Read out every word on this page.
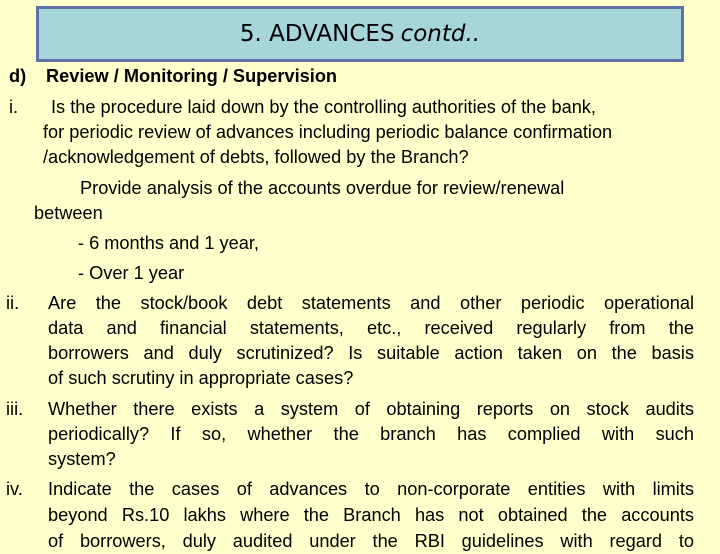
5. ADVANCES contd..
d) Review / Monitoring / Supervision
i. Is the procedure laid down by the controlling authorities of the bank,
for periodic review of advances including periodic balance confirmation
/acknowledgement of debts, followed by the Branch?
Provide analysis of the accounts overdue for review/renewal
between
- 6 months and 1 year,
- Over 1 year
ii. Are the stock/book debt statements and other periodic operational
data and financial statements, etc., received regularly from the
borrowers and duly scrutinized? Is suitable action taken on the basis
of such scrutiny in appropriate cases?
iii. Whether there exists a system of obtaining reports on stock audits
periodically? If so, whether the branch has complied with such
system?
iv. Indicate the cases of advances to non-corporate entities with limits
beyond Rs.10 lakhs where the Branch has not obtained the accounts
of borrowers, duly audited under the RBI guidelines with regard to
